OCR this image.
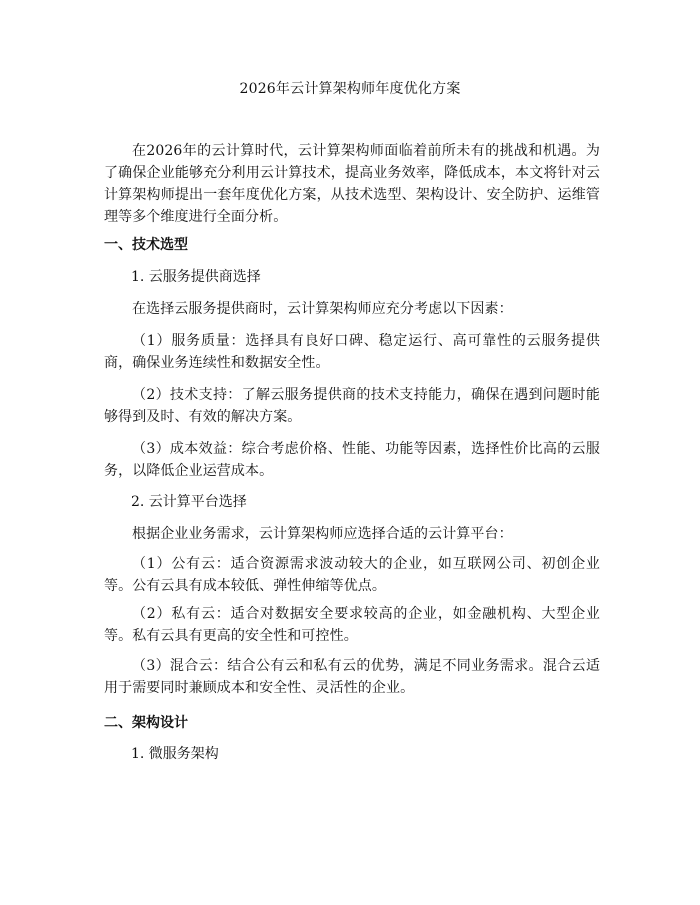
2026年云计算架构师年度优化方案
在2026年的云计算时代，云计算架构师面临着前所未有的挑战和机遇。为了确保企业能够充分利用云计算技术，提高业务效率，降低成本，本文将针对云计算架构师提出一套年度优化方案，从技术选型、架构设计、安全防护、运维管理等多个维度进行全面分析。
一、技术选型
1. 云服务提供商选择
在选择云服务提供商时，云计算架构师应充分考虑以下因素：
（1）服务质量：选择具有良好口碑、稳定运行、高可靠性的云服务提供商，确保业务连续性和数据安全性。
（2）技术支持：了解云服务提供商的技术支持能力，确保在遇到问题时能够得到及时、有效的解决方案。
（3）成本效益：综合考虑价格、性能、功能等因素，选择性价比高的云服务，以降低企业运营成本。
2. 云计算平台选择
根据企业业务需求，云计算架构师应选择合适的云计算平台：
（1）公有云：适合资源需求波动较大的企业，如互联网公司、初创企业等。公有云具有成本较低、弹性伸缩等优点。
（2）私有云：适合对数据安全要求较高的企业，如金融机构、大型企业等。私有云具有更高的安全性和可控性。
（3）混合云：结合公有云和私有云的优势，满足不同业务需求。混合云适用于需要同时兼顾成本和安全性、灵活性的企业。
二、架构设计
1. 微服务架构
